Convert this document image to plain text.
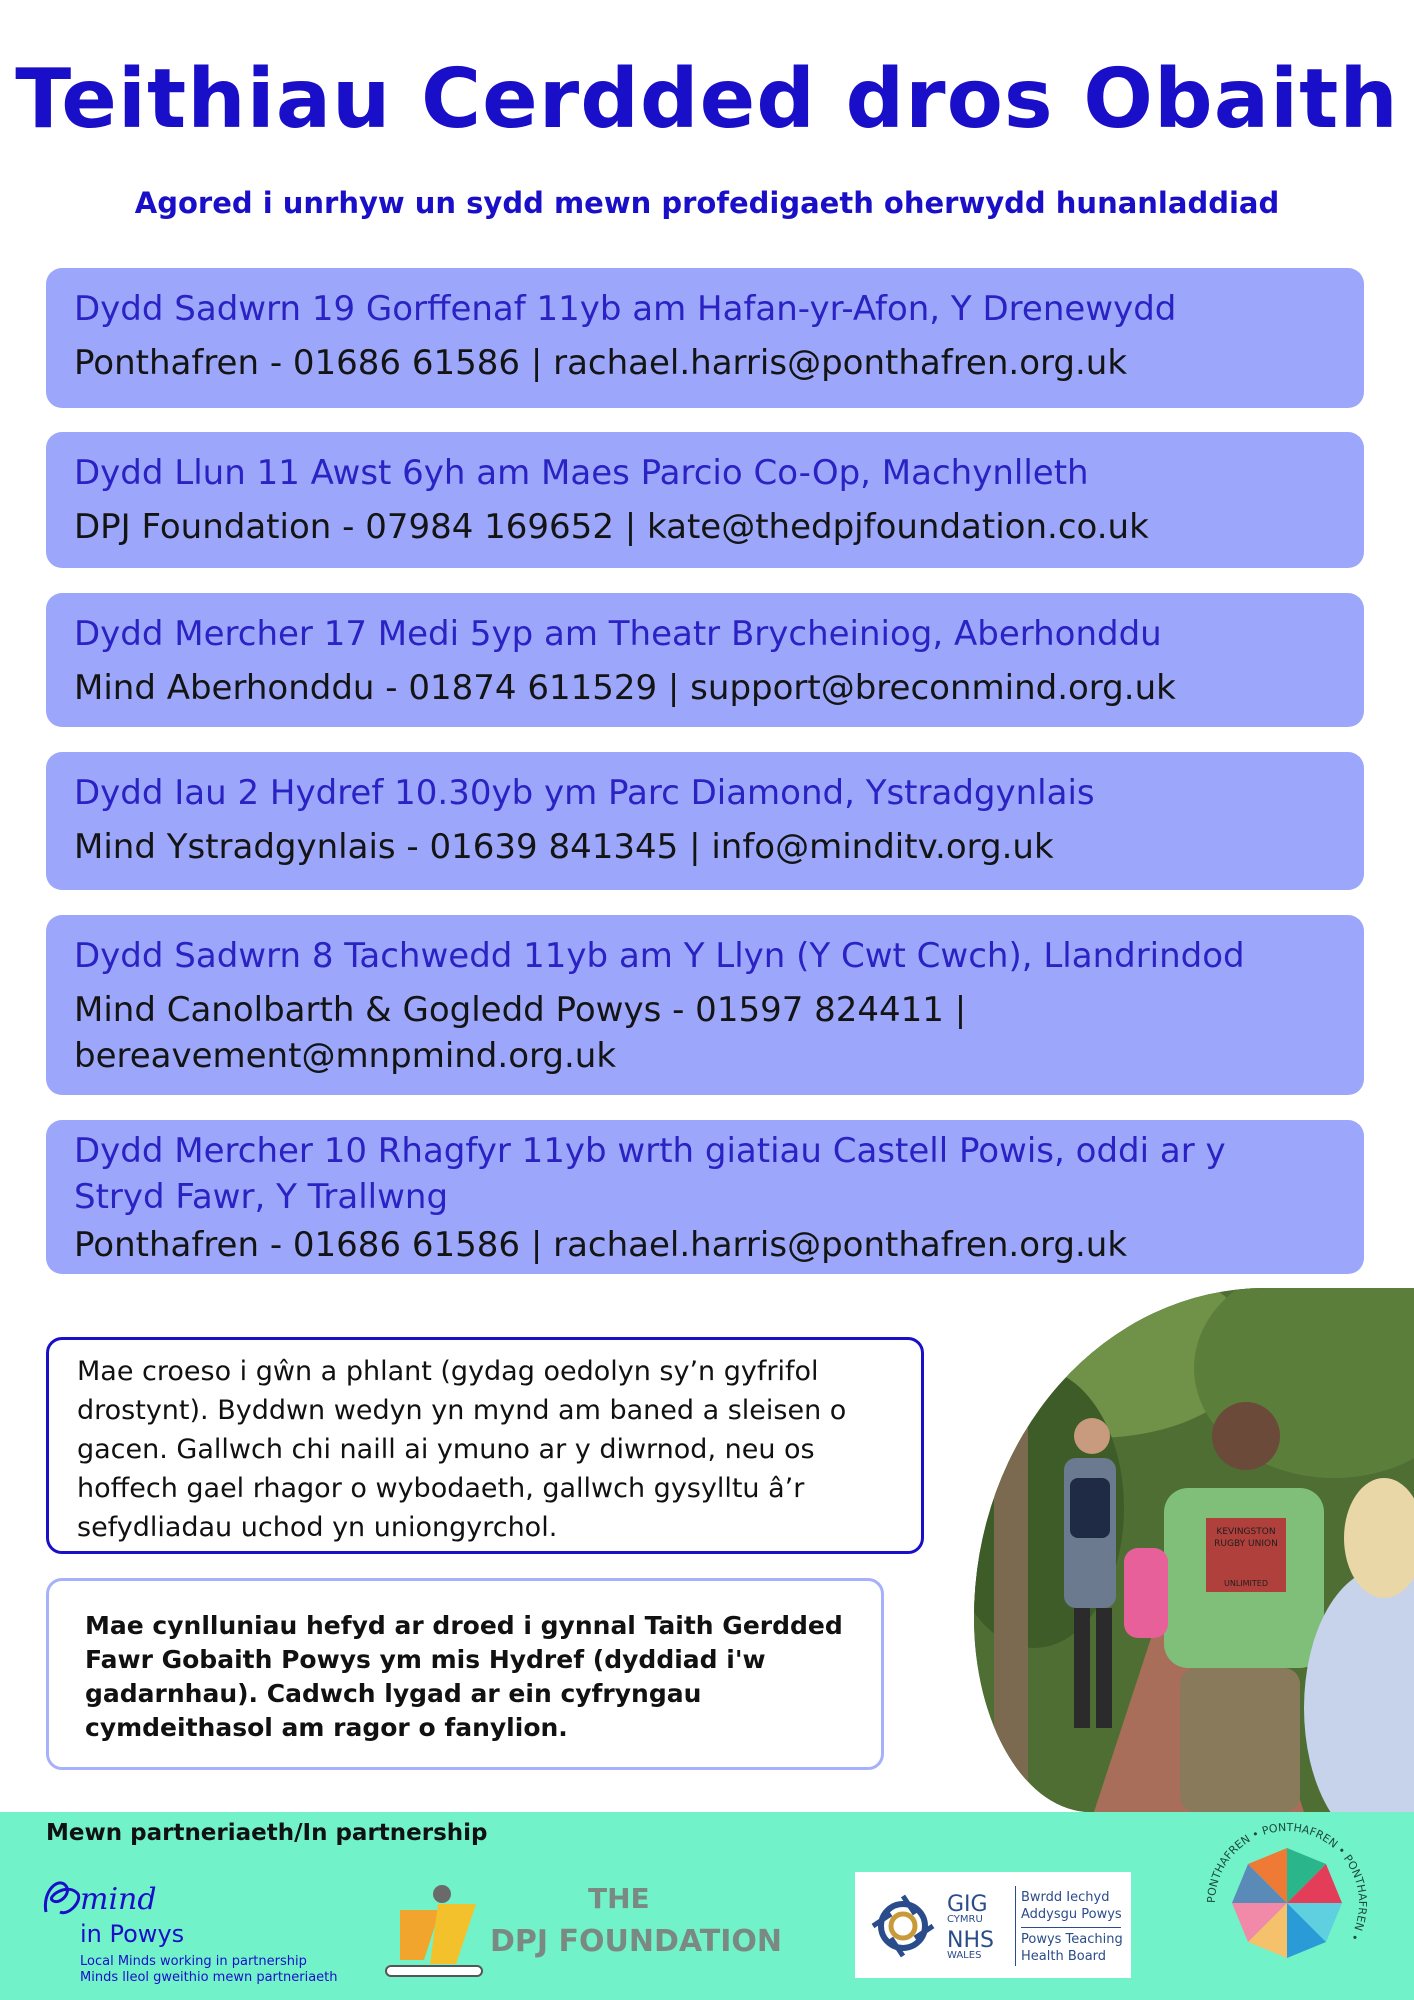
Teithiau Cerdded dros Obaith
Agored i unrhyw un sydd mewn profedigaeth oherwydd hunanladdiad
Dydd Sadwrn 19 Gorffenaf 11yb am Hafan-yr-Afon, Y Drenewydd
Ponthafren - 01686 61586 | rachael.harris@ponthafren.org.uk
Dydd Llun 11 Awst 6yh am Maes Parcio Co-Op, Machynlleth
DPJ Foundation - 07984 169652 | kate@thedpjfoundation.co.uk
Dydd Mercher 17 Medi 5yp am Theatr Brycheiniog, Aberhonddu
Mind Aberhonddu - 01874 611529 | support@breconmind.org.uk
Dydd Iau 2 Hydref 10.30yb ym Parc Diamond, Ystradgynlais
Mind Ystradgynlais - 01639 841345 | info@minditv.org.uk
Dydd Sadwrn 8 Tachwedd 11yb am Y Llyn (Y Cwt Cwch), Llandrindod
Mind Canolbarth & Gogledd Powys - 01597 824411 |
bereavement@mnpmind.org.uk
Dydd Mercher 10 Rhagfyr 11yb wrth giatiau Castell Powis, oddi ar y
Stryd Fawr, Y Trallwng
Ponthafren - 01686 61586 | rachael.harris@ponthafren.org.uk
Mae croeso i gŵn a phlant (gydag oedolyn sy’n gyfrifol drostynt). Byddwn wedyn yn mynd am baned a sleisen o gacen. Gallwch chi naill ai ymuno ar y diwrnod, neu os hoffech gael rhagor o wybodaeth, gallwch gysylltu â’r sefydliadau uchod yn uniongyrchol.
Mae cynlluniau hefyd ar droed i gynnal Taith Gerdded Fawr Gobaith Powys ym mis Hydref (dyddiad i'w gadarnhau). Cadwch lygad ar ein cyfryngau cymdeithasol am ragor o fanylion.
KEVINGSTON
RUGBY UNION
UNLIMITED
Mewn partneriaeth/In partnership
mind
in Powys
Local Minds working in partnership
Minds lleol gweithio mewn partneriaeth
THE
DPJ FOUNDATION
GIG
CYMRU
NHS
WALES
Bwrdd Iechyd
Addysgu Powys
Powys Teaching
Health Board
PONTHAFREN • PONTHAFREN • PONTHAFREN •
